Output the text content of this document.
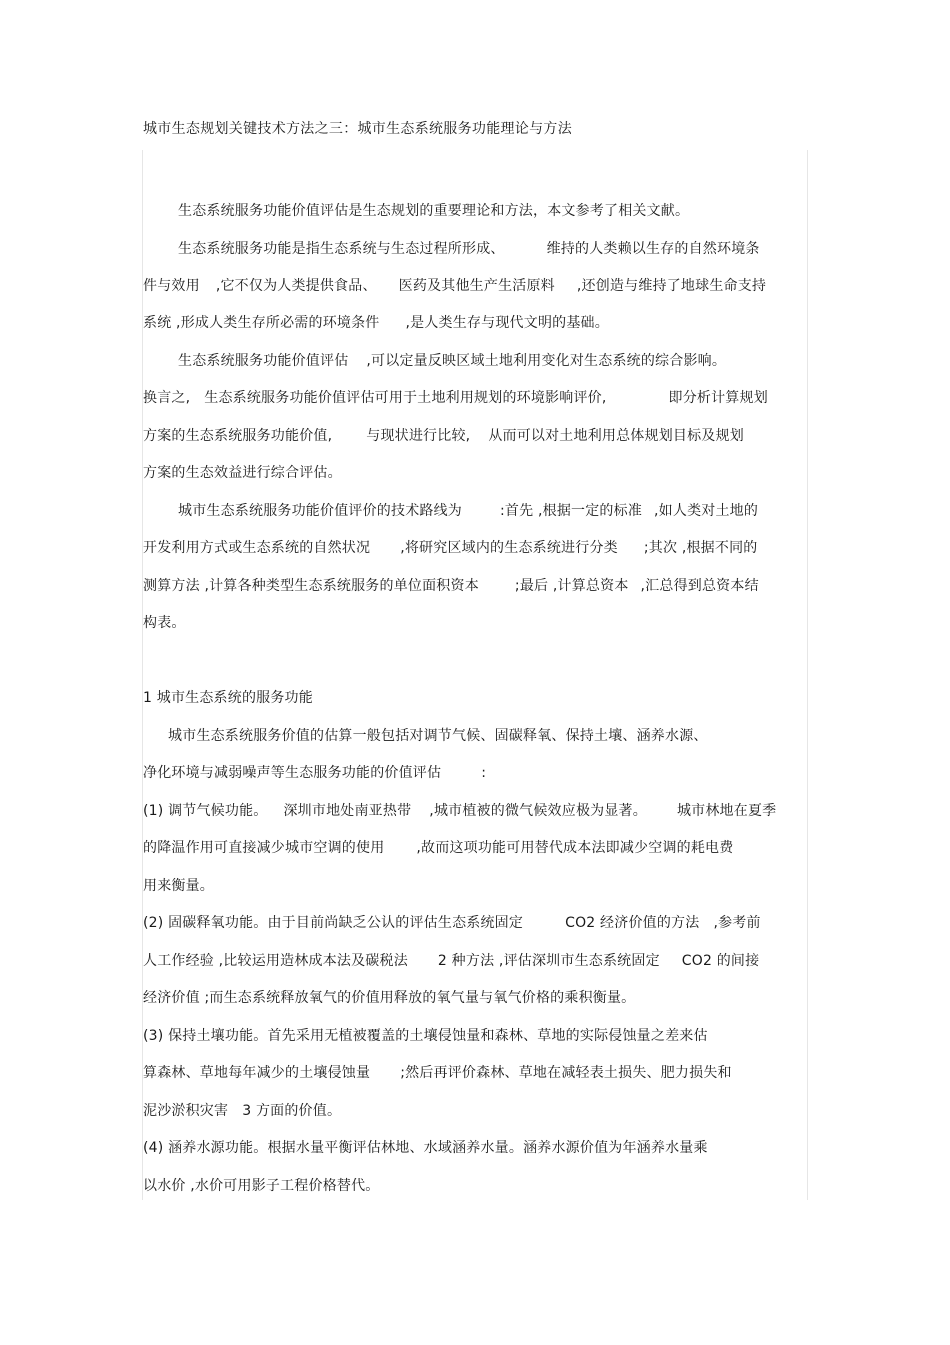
城市生态规划关键技术方法之三：城市生态系统服务功能理论与方法
生态系统服务功能价值评估是生态规划的重要理论和方法，本文参考了相关文献。
生态系统服务功能是指生态系统与生态过程所形成、	维持的人类赖以生存的自然环境条
件与效用 ,它不仅为人类提供食品、 医药及其他生产生活原料 ,还创造与维持了地球生命支持
系统 ,形成人类生存所必需的环境条件 ,是人类生存与现代文明的基础。
生态系统服务功能价值评估 ,可以定量反映区域土地利用变化对生态系统的综合影响。
换言之, 生态系统服务功能价值评估可用于土地利用规划的环境影响评价,	即分析计算规划
方案的生态系统服务功能价值, 与现状进行比较, 从而可以对土地利用总体规划目标及规划
方案的生态效益进行综合评估。
城市生态系统服务功能价值评价的技术路线为	:首先 ,根据一定的标准 ,如人类对土地的
开发利用方式或生态系统的自然状况 ,将研究区域内的生态系统进行分类 ;其次 ,根据不同的
测算方法 ,计算各种类型生态系统服务的单位面积资本	;最后 ,计算总资本 ,汇总得到总资本结
构表。
1 城市生态系统的服务功能
城市生态系统服务价值的估算一般包括对调节气候、固碳释氧、保持土壤、涵养水源、
净化环境与减弱噪声等生态服务功能的价值评估	:
(1) 调节气候功能。 深圳市地处南亚热带 ,城市植被的微气候效应极为显著。 城市林地在夏季
的降温作用可直接减少城市空调的使用 ,故而这项功能可用替代成本法即减少空调的耗电费
用来衡量。
(2) 固碳释氧功能。由于目前尚缺乏公认的评估生态系统固定	CO2 经济价值的方法 ,参考前
人工作经验 ,比较运用造林成本法及碳税法 2 种方法 ,评估深圳市生态系统固定 CO2 的间接
经济价值 ;而生态系统释放氧气的价值用释放的氧气量与氧气价格的乘积衡量。
(3) 保持土壤功能。首先采用无植被覆盖的土壤侵蚀量和森林、草地的实际侵蚀量之差来估
算森林、草地每年减少的土壤侵蚀量 ;然后再评价森林、草地在减轻表土损失、肥力损失和
泥沙淤积灾害 3 方面的价值。
(4) 涵养水源功能。根据水量平衡评估林地、水域涵养水量。涵养水源价值为年涵养水量乘
以水价 ,水价可用影子工程价格替代。
